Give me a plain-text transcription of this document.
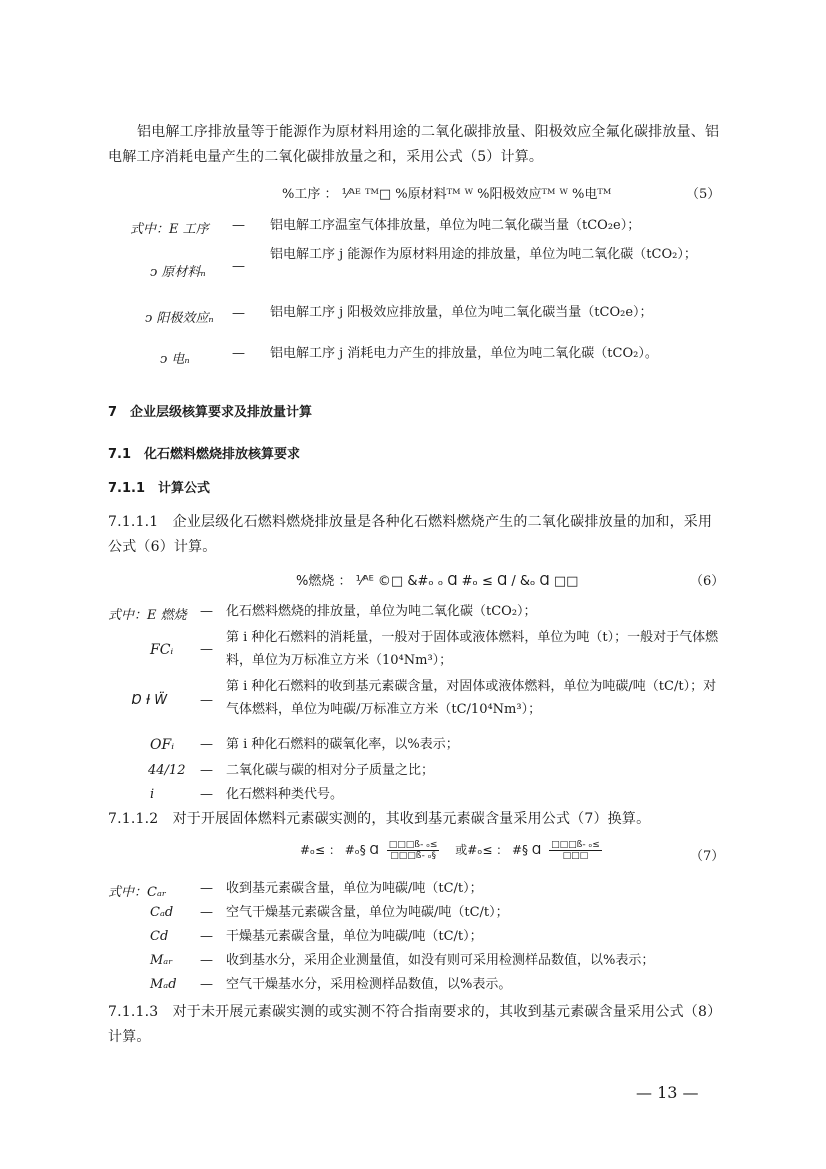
铝电解工序排放量等于能源作为原材料用途的二氧化碳排放量、阳极效应全氟化碳排放量、铝电解工序消耗电量产生的二氧化碳排放量之和，采用公式（5）计算。
%工序 ： ⅟ᴬᴱ ᵀᴹ□ %原材料ᵀᴹ ᵂ %阳极效应ᵀᴹ ᵂ %电ᵀᴹ	（5）
式中：E 工序 — 铝电解工序温室气体排放量，单位为吨二氧化碳当量（tCO₂e）；
ↄ 原材料ₙ —
铝电解工序 j 能源作为原材料用途的排放量，单位为吨二氧化碳（tCO₂）；
ↄ 阳极效应ₙ — 铝电解工序 j 阳极效应排放量，单位为吨二氧化碳当量（tCO₂e）；
ↄ 电ₙ	— 铝电解工序 j 消耗电力产生的排放量，单位为吨二氧化碳（tCO₂）。
7　企业层级核算要求及排放量计算
7.1　化石燃料燃烧排放核算要求
7.1.1　计算公式
7.1.1.1　企业层级化石燃料燃烧排放量是各种化石燃料燃烧产生的二氧化碳排放量的加和，采用公式（6）计算。
%燃烧 ： ⅟ᴬᴱ ©□ &#ₒ ₒ Ɑ #ₒ ≤ Ɑ / &ₒ Ɑ □□	（6）
式中：E 燃烧 — 化石燃料燃烧的排放量，单位为吨二氧化碳（tCO₂）；
FCᵢ —
第 i 种化石燃料的消耗量，一般对于固体或液体燃料，单位为吨（t）；一般对于气体燃料，单位为万标准立方米（10⁴Nm³）；
Ɒ Ɨ Ẅ	—
第 i 种化石燃料的收到基元素碳含量，对固体或液体燃料，单位为吨碳/吨（tC/t）；对气体燃料，单位为吨碳/万标准立方米（tC/10⁴Nm³）；
OFᵢ — 第 i 种化石燃料的碳氧化率，以%表示；
44/12 — 二氧化碳与碳的相对分子质量之比；
i	— 化石燃料种类代号。
7.1.1.2　对于开展固体燃料元素碳实测的，其收到基元素碳含量采用公式（7）换算。
#ₒ≤ ： #ₒ§ Ɑ $\frac{\text{□□□ß- ₒ≤}}{\text{□□□ß- ₒ§}}$ 或#ₒ≤ ： #§ Ɑ □□□ß- ₒ≤
□□□	（7）
式中：Cₐᵣ	— 收到基元素碳含量，单位为吨碳/吨（tC/t）；
Cₐd — 空气干燥基元素碳含量，单位为吨碳/吨（tC/t）；
Cd — 干燥基元素碳含量，单位为吨碳/吨（tC/t）；
Mₐᵣ — 收到基水分，采用企业测量值，如没有则可采用检测样品数值，以%表示；
Mₐd — 空气干燥基水分，采用检测样品数值，以%表示。
7.1.1.3　对于未开展元素碳实测的或实测不符合指南要求的，其收到基元素碳含量采用公式（8）计算。
— 13 —
